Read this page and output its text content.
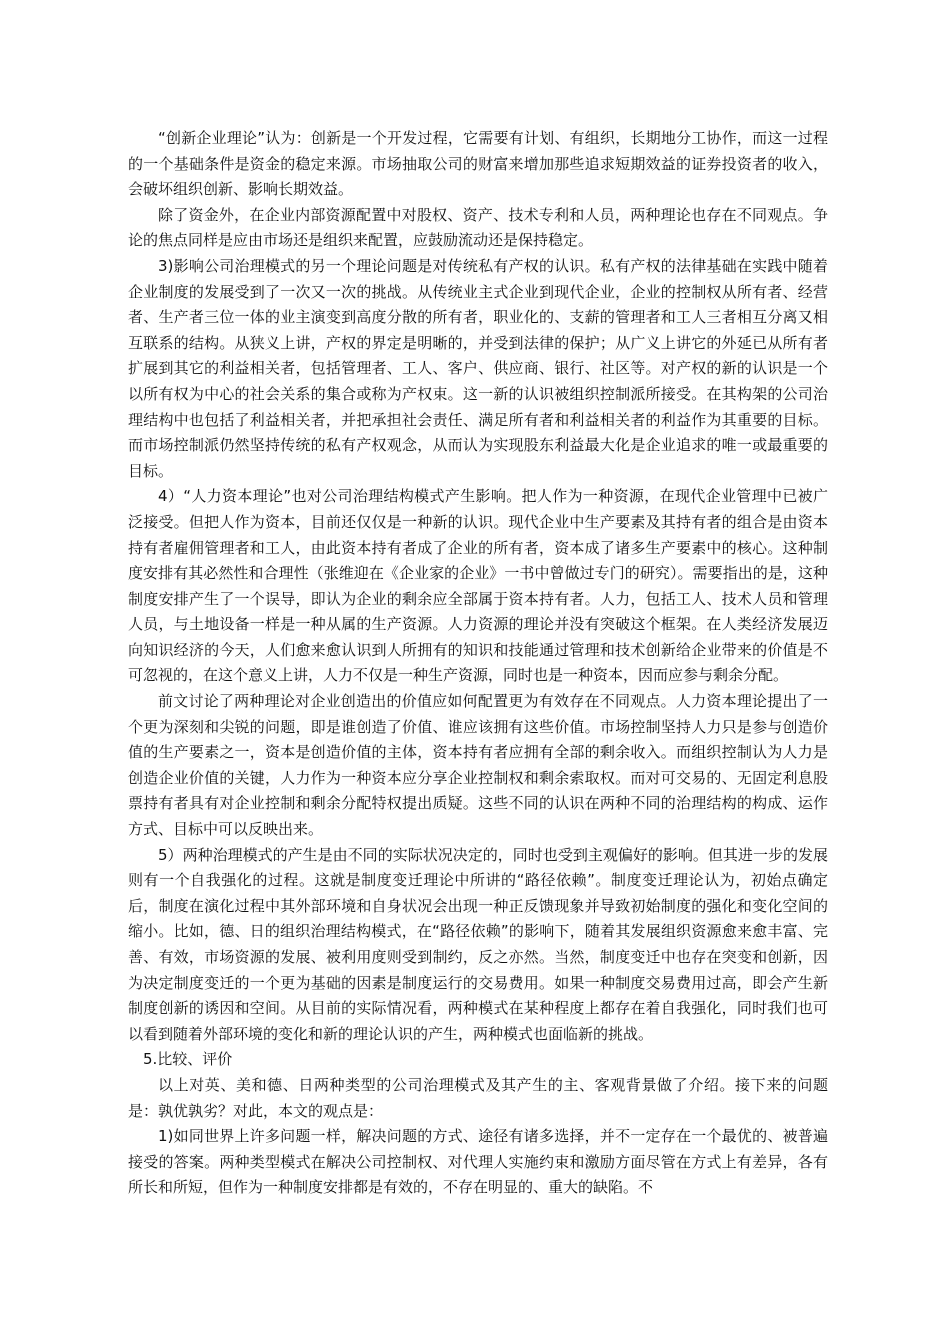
“创新企业理论”认为：创新是一个开发过程，它需要有计划、有组织，长期地分工协作，而这一过程的一个基础条件是资金的稳定来源。市场抽取公司的财富来增加那些追求短期效益的证券投资者的收入，会破坏组织创新、影响长期效益。

除了资金外，在企业内部资源配置中对股权、资产、技术专利和人员，两种理论也存在不同观点。争论的焦点同样是应由市场还是组织来配置，应鼓励流动还是保持稳定。

3)影响公司治理模式的另一个理论问题是对传统私有产权的认识。私有产权的法律基础在实践中随着企业制度的发展受到了一次又一次的挑战。从传统业主式企业到现代企业，企业的控制权从所有者、经营者、生产者三位一体的业主演变到高度分散的所有者，职业化的、支薪的管理者和工人三者相互分离又相互联系的结构。从狭义上讲，产权的界定是明晰的，并受到法律的保护；从广义上讲它的外延已从所有者扩展到其它的利益相关者，包括管理者、工人、客户、供应商、银行、社区等。对产权的新的认识是一个以所有权为中心的社会关系的集合或称为产权束。这一新的认识被组织控制派所接受。在其构架的公司治理结构中也包括了利益相关者，并把承担社会责任、满足所有者和利益相关者的利益作为其重要的目标。而市场控制派仍然坚持传统的私有产权观念，从而认为实现股东利益最大化是企业追求的唯一或最重要的目标。

4）“人力资本理论”也对公司治理结构模式产生影响。把人作为一种资源，在现代企业管理中已被广泛接受。但把人作为资本，目前还仅仅是一种新的认识。现代企业中生产要素及其持有者的组合是由资本持有者雇佣管理者和工人，由此资本持有者成了企业的所有者，资本成了诸多生产要素中的核心。这种制度安排有其必然性和合理性（张维迎在《企业家的企业》一书中曾做过专门的研究）。需要指出的是，这种制度安排产生了一个误导，即认为企业的剩余应全部属于资本持有者。人力，包括工人、技术人员和管理人员，与土地设备一样是一种从属的生产资源。人力资源的理论并没有突破这个框架。在人类经济发展迈向知识经济的今天，人们愈来愈认识到人所拥有的知识和技能通过管理和技术创新给企业带来的价值是不可忽视的，在这个意义上讲，人力不仅是一种生产资源，同时也是一种资本，因而应参与剩余分配。

前文讨论了两种理论对企业创造出的价值应如何配置更为有效存在不同观点。人力资本理论提出了一个更为深刻和尖锐的问题，即是谁创造了价值、谁应该拥有这些价值。市场控制坚持人力只是参与创造价值的生产要素之一，资本是创造价值的主体，资本持有者应拥有全部的剩余收入。而组织控制认为人力是创造企业价值的关键，人力作为一种资本应分享企业控制权和剩余索取权。而对可交易的、无固定利息股票持有者具有对企业控制和剩余分配特权提出质疑。这些不同的认识在两种不同的治理结构的构成、运作方式、目标中可以反映出来。

5）两种治理模式的产生是由不同的实际状况决定的，同时也受到主观偏好的影响。但其进一步的发展则有一个自我强化的过程。这就是制度变迁理论中所讲的“路径依赖”。制度变迁理论认为，初始点确定后，制度在演化过程中其外部环境和自身状况会出现一种正反馈现象并导致初始制度的强化和变化空间的缩小。比如，德、日的组织治理结构模式，在“路径依赖”的影响下，随着其发展组织资源愈来愈丰富、完善、有效，市场资源的发展、被利用度则受到制约，反之亦然。当然，制度变迁中也存在突变和创新，因为决定制度变迁的一个更为基础的因素是制度运行的交易费用。如果一种制度交易费用过高，即会产生新制度创新的诱因和空间。从目前的实际情况看，两种模式在某种程度上都存在着自我强化，同时我们也可以看到随着外部环境的变化和新的理论认识的产生，两种模式也面临新的挑战。

5.比较、评价

以上对英、美和德、日两种类型的公司治理模式及其产生的主、客观背景做了介绍。接下来的问题是：孰优孰劣？对此，本文的观点是：

1)如同世界上许多问题一样，解决问题的方式、途径有诸多选择，并不一定存在一个最优的、被普遍接受的答案。两种类型模式在解决公司控制权、对代理人实施约束和激励方面尽管在方式上有差异，各有所长和所短，但作为一种制度安排都是有效的，不存在明显的、重大的缺陷。不
